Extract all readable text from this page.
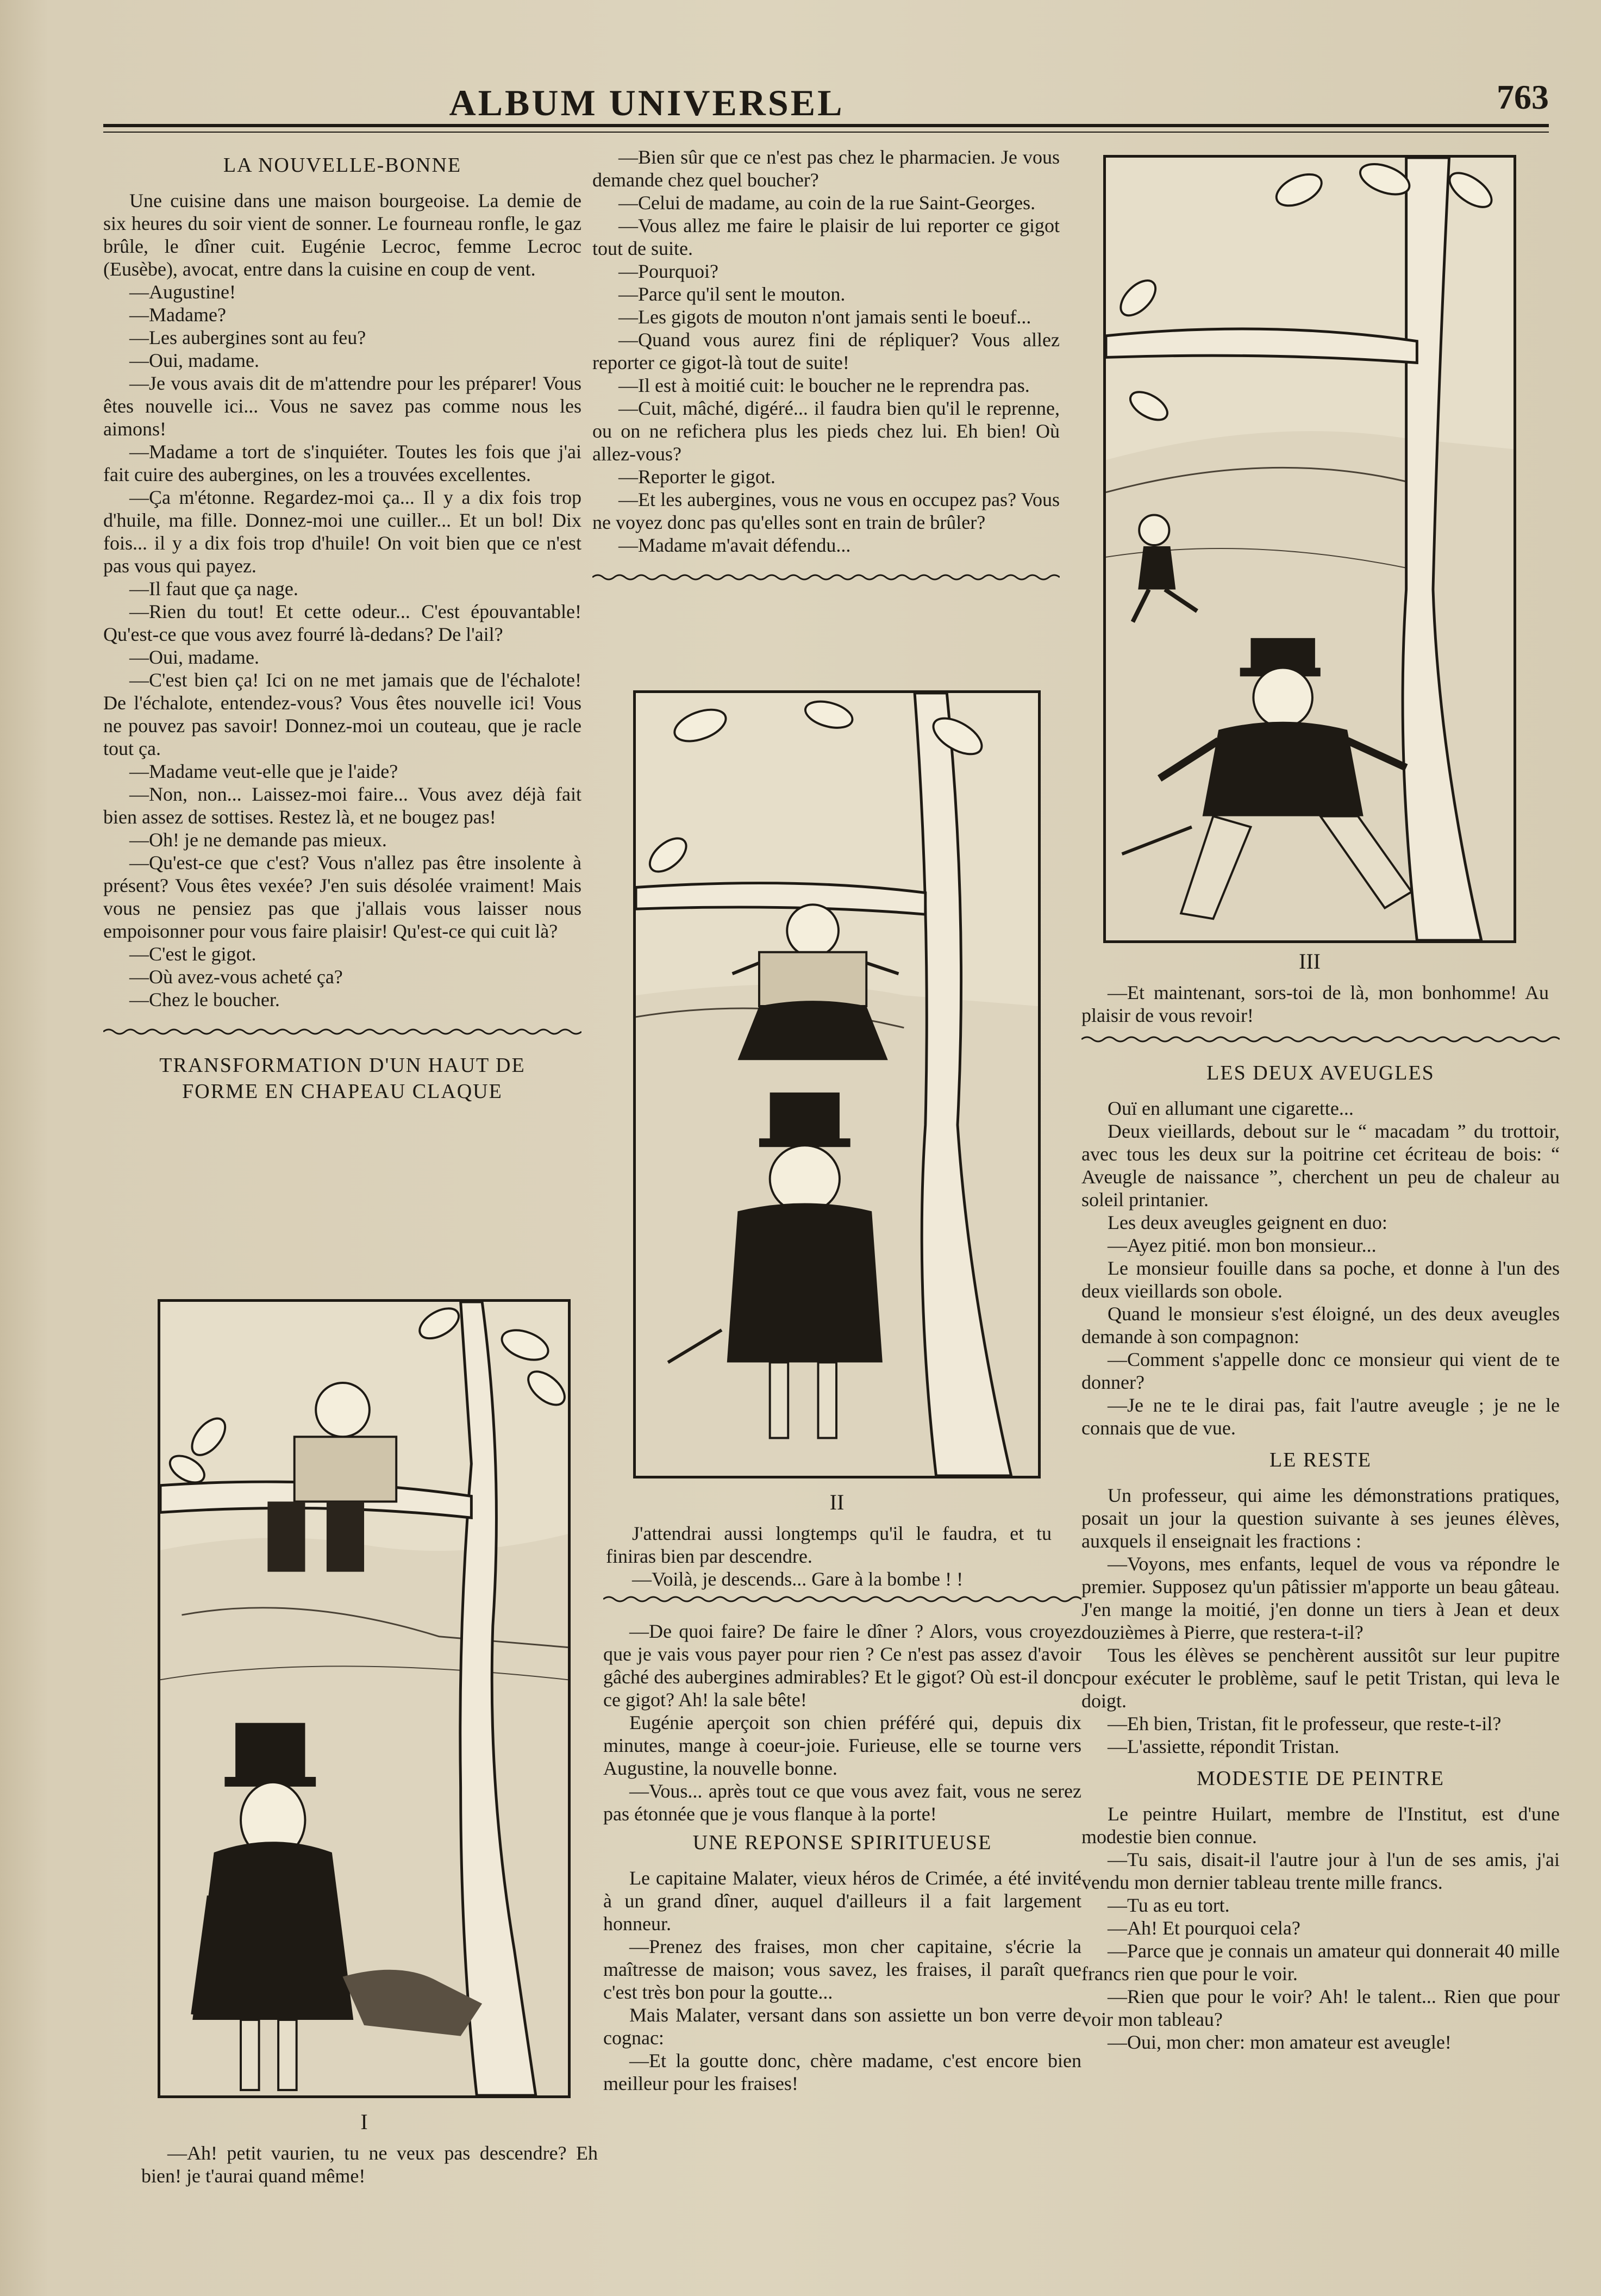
ALBUM UNIVERSEL	763
LA NOUVELLE-BONNE

Une cuisine dans une maison bourgeoise. La demie de six heures du soir vient de sonner. Le fourneau ronfle, le gaz brûle, le dîner cuit. Eugénie Lecroc, femme Lecroc (Eusèbe), avocat, entre dans la cuisine en coup de vent.

—Augustine!

—Madame?

—Les aubergines sont au feu?

—Oui, madame.

—Je vous avais dit de m'attendre pour les préparer! Vous êtes nouvelle ici... Vous ne savez pas comme nous les aimons!

—Madame a tort de s'inquiéter. Toutes les fois que j'ai fait cuire des aubergines, on les a trouvées excellentes.

—Ça m'étonne. Regardez-moi ça... Il y a dix fois trop d'huile, ma fille. Donnez-moi une cuiller... Et un bol! Dix fois... il y a dix fois trop d'huile! On voit bien que ce n'est pas vous qui payez.

—Il faut que ça nage.

—Rien du tout! Et cette odeur... C'est épouvantable! Qu'est-ce que vous avez fourré là-dedans? De l'ail?

—Oui, madame.

—C'est bien ça! Ici on ne met jamais que de l'échalote! De l'échalote, entendez-vous? Vous êtes nouvelle ici! Vous ne pouvez pas savoir! Donnez-moi un couteau, que je racle tout ça.

—Madame veut-elle que je l'aide?

—Non, non... Laissez-moi faire... Vous avez déjà fait bien assez de sottises. Restez là, et ne bougez pas!

—Oh! je ne demande pas mieux.

—Qu'est-ce que c'est? Vous n'allez pas être insolente à présent? Vous êtes vexée? J'en suis désolée vraiment! Mais vous ne pensiez pas que j'allais vous laisser nous empoisonner pour vous faire plaisir! Qu'est-ce qui cuit là?

—C'est le gigot.

—Où avez-vous acheté ça?

—Chez le boucher.

TRANSFORMATION D'UN HAUT DE FORME EN CHAPEAU CLAQUE
I

—Ah! petit vaurien, tu ne veux pas descendre? Eh bien! je t'aurai quand même!

—Bien sûr que ce n'est pas chez le pharmacien. Je vous demande chez quel boucher?

—Celui de madame, au coin de la rue Saint-Georges.

—Vous allez me faire le plaisir de lui reporter ce gigot tout de suite.

—Pourquoi?

—Parce qu'il sent le mouton.

—Les gigots de mouton n'ont jamais senti le boeuf...

—Quand vous aurez fini de répliquer? Vous allez reporter ce gigot-là tout de suite!

—Il est à moitié cuit: le boucher ne le reprendra pas.

—Cuit, mâché, digéré... il faudra bien qu'il le reprenne, ou on ne refichera plus les pieds chez lui. Eh bien! Où allez-vous?

—Reporter le gigot.

—Et les aubergines, vous ne vous en occupez pas? Vous ne voyez donc pas qu'elles sont en train de brûler?

—Madame m'avait défendu...

II

J'attendrai aussi longtemps qu'il le faudra, et tu finiras bien par descendre.

—Voilà, je descends... Gare à la bombe ! !

—De quoi faire? De faire le dîner ? Alors, vous croyez que je vais vous payer pour rien ? Ce n'est pas assez d'avoir gâché des aubergines admirables? Et le gigot? Où est-il donc ce gigot? Ah! la sale bête!

Eugénie aperçoit son chien préféré qui, depuis dix minutes, mange à coeur-joie. Furieuse, elle se tourne vers Augustine, la nouvelle bonne.

—Vous... après tout ce que vous avez fait, vous ne serez pas étonnée que je vous flanque à la porte!

UNE REPONSE SPIRITUEUSE

Le capitaine Malater, vieux héros de Crimée, a été invité à un grand dîner, auquel d'ailleurs il a fait largement honneur.

—Prenez des fraises, mon cher capitaine, s'écrie la maîtresse de maison; vous savez, les fraises, il paraît que c'est très bon pour la goutte...

Mais Malater, versant dans son assiette un bon verre de cognac:

—Et la goutte donc, chère madame, c'est encore bien meilleur pour les fraises!

III

—Et maintenant, sors-toi de là, mon bonhomme! Au plaisir de vous revoir!

LES DEUX AVEUGLES

Ouï en allumant une cigarette...

Deux vieillards, debout sur le “ macadam ” du trottoir, avec tous les deux sur la poitrine cet écriteau de bois: “ Aveugle de naissance ”, cherchent un peu de chaleur au soleil printanier.

Les deux aveugles geignent en duo:

—Ayez pitié. mon bon monsieur...

Le monsieur fouille dans sa poche, et donne à l'un des deux vieillards son obole.

Quand le monsieur s'est éloigné, un des deux aveugles demande à son compagnon:

—Comment s'appelle donc ce monsieur qui vient de te donner?

—Je ne te le dirai pas, fait l'autre aveugle ; je ne le connais que de vue.

LE RESTE

Un professeur, qui aime les démonstrations pratiques, posait un jour la question suivante à ses jeunes élèves, auxquels il enseignait les fractions :

—Voyons, mes enfants, lequel de vous va répondre le premier. Supposez qu'un pâtissier m'apporte un beau gâteau. J'en mange la moitié, j'en donne un tiers à Jean et deux douzièmes à Pierre, que restera-t-il?

Tous les élèves se penchèrent aussitôt sur leur pupitre pour exécuter le problème, sauf le petit Tristan, qui leva le doigt.

—Eh bien, Tristan, fit le professeur, que reste-t-il?

—L'assiette, répondit Tristan.

MODESTIE DE PEINTRE

Le peintre Huilart, membre de l'Institut, est d'une modestie bien connue.

—Tu sais, disait-il l'autre jour à l'un de ses amis, j'ai vendu mon dernier tableau trente mille francs.

—Tu as eu tort.

—Ah! Et pourquoi cela?

—Parce que je connais un amateur qui donnerait 40 mille francs rien que pour le voir.

—Rien que pour le voir? Ah! le talent... Rien que pour voir mon tableau?

—Oui, mon cher: mon amateur est aveugle!
